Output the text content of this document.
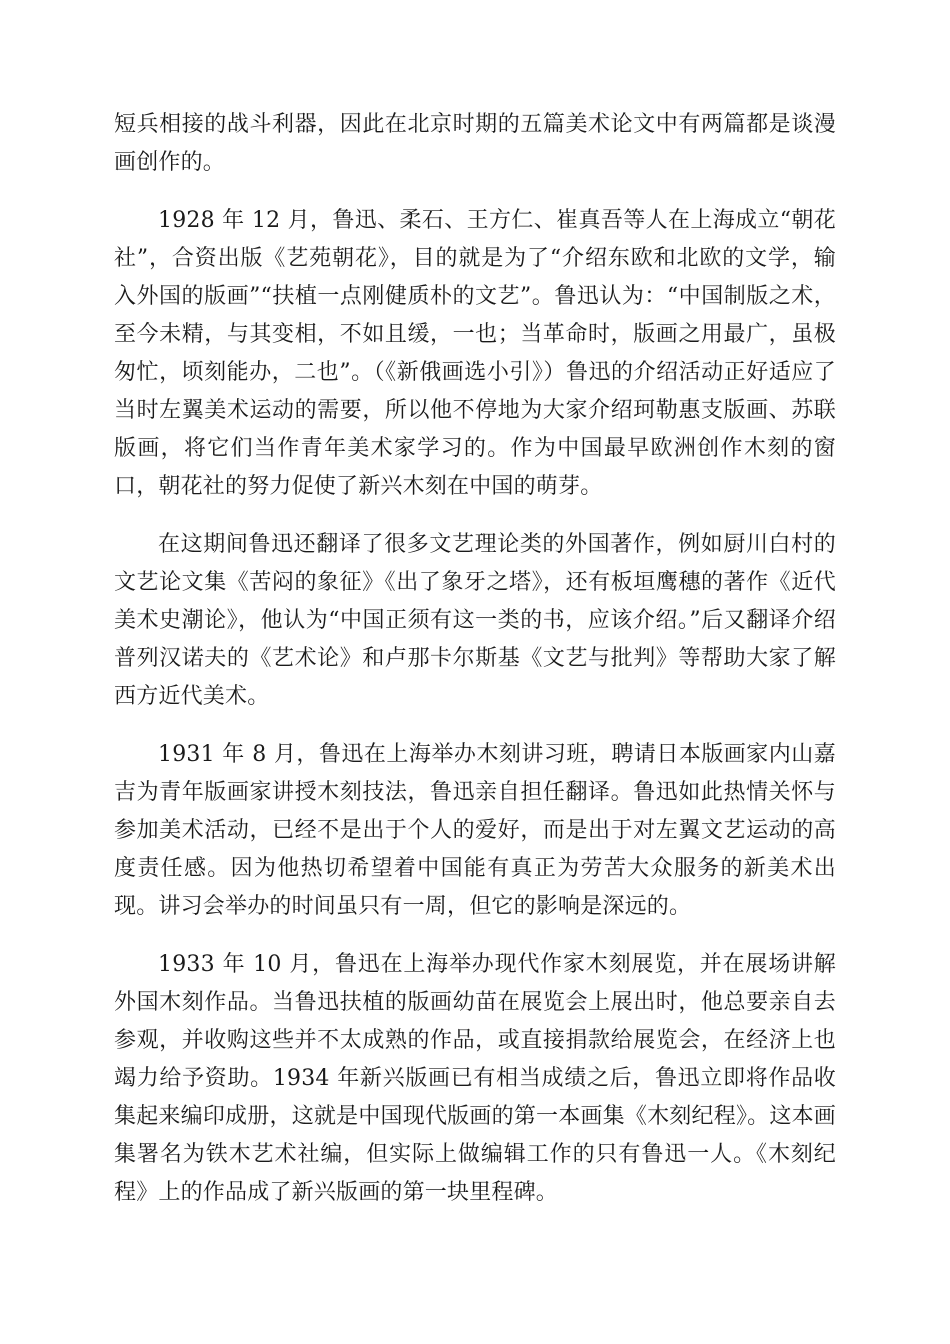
短兵相接的战斗利器，因此在北京时期的五篇美术论文中有两篇都是谈漫画创作的。

1928 年 12 月，鲁迅、柔石、王方仁、崔真吾等人在上海成立“朝花社”，合资出版《艺苑朝花》，目的就是为了“介绍东欧和北欧的文学，输入外国的版画”“扶植一点刚健质朴的文艺”。鲁迅认为：“中国制版之术，至今未精，与其变相，不如且缓，一也；当革命时，版画之用最广，虽极匆忙，顷刻能办，二也”。（《新俄画选小引》）鲁迅的介绍活动正好适应了当时左翼美术运动的需要，所以他不停地为大家介绍珂勒惠支版画、苏联版画，将它们当作青年美术家学习的。作为中国最早欧洲创作木刻的窗口，朝花社的努力促使了新兴木刻在中国的萌芽。

在这期间鲁迅还翻译了很多文艺理论类的外国著作，例如厨川白村的文艺论文集《苦闷的象征》《出了象牙之塔》，还有板垣鹰穗的著作《近代美术史潮论》，他认为“中国正须有这一类的书，应该介绍。”后又翻译介绍普列汉诺夫的《艺术论》和卢那卡尔斯基《文艺与批判》等帮助大家了解西方近代美术。

1931 年 8 月，鲁迅在上海举办木刻讲习班，聘请日本版画家内山嘉吉为青年版画家讲授木刻技法，鲁迅亲自担任翻译。鲁迅如此热情关怀与参加美术活动，已经不是出于个人的爱好，而是出于对左翼文艺运动的高度责任感。因为他热切希望着中国能有真正为劳苦大众服务的新美术出现。讲习会举办的时间虽只有一周，但它的影响是深远的。

1933 年 10 月，鲁迅在上海举办现代作家木刻展览，并在展场讲解外国木刻作品。当鲁迅扶植的版画幼苗在展览会上展出时，他总要亲自去参观，并收购这些并不太成熟的作品，或直接捐款给展览会，在经济上也竭力给予资助。1934 年新兴版画已有相当成绩之后，鲁迅立即将作品收集起来编印成册，这就是中国现代版画的第一本画集《木刻纪程》。这本画集署名为铁木艺术社编，但实际上做编辑工作的只有鲁迅一人。《木刻纪程》上的作品成了新兴版画的第一块里程碑。
